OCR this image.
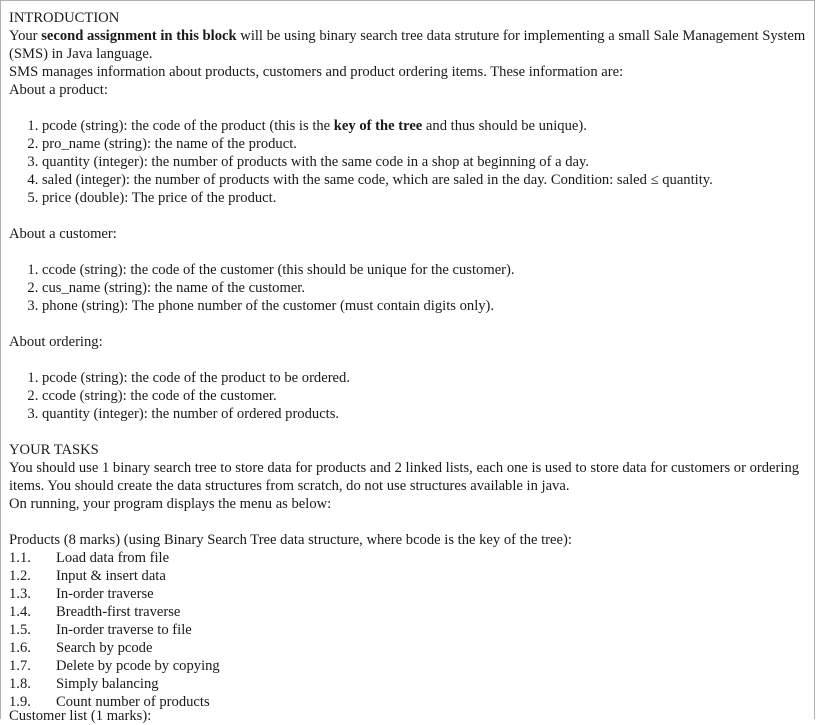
INTRODUCTION

Your second assignment in this block will be using binary search tree data struture for implementing a small Sale Management System (SMS) in Java language.

SMS manages information about products, customers and product ordering items. These information are:

About a product:

1. pcode (string): the code of the product (this is the key of the tree and thus should be unique).
2. pro_name (string): the name of the product.
3. quantity (integer): the number of products with the same code in a shop at beginning of a day.
4. saled (integer): the number of products with the same code, which are saled in the day. Condition: saled ≤ quantity.
5. price (double): The price of the product.

About a customer:

1. ccode (string): the code of the customer (this should be unique for the customer).
2. cus_name (string): the name of the customer.
3. phone (string): The phone number of the customer (must contain digits only).

About ordering:

1. pcode (string): the code of the product to be ordered.
2. ccode (string): the code of the customer.
3. quantity (integer): the number of ordered products.

YOUR TASKS

You should use 1 binary search tree to store data for products and 2 linked lists, each one is used to store data for customers or ordering items. You should create the data structures from scratch, do not use structures available in java.

On running, your program displays the menu as below:

Products (8 marks) (using Binary Search Tree data structure, where bcode is the key of the tree):

1.1.	Load data from file
1.2.	Input & insert data
1.3.	In-order traverse
1.4.	Breadth-first traverse
1.5.	In-order traverse to file
1.6.	Search by pcode
1.7.	Delete by pcode by copying
1.8.	Simply balancing
1.9.	Count number of products

Customer list (1 marks):
